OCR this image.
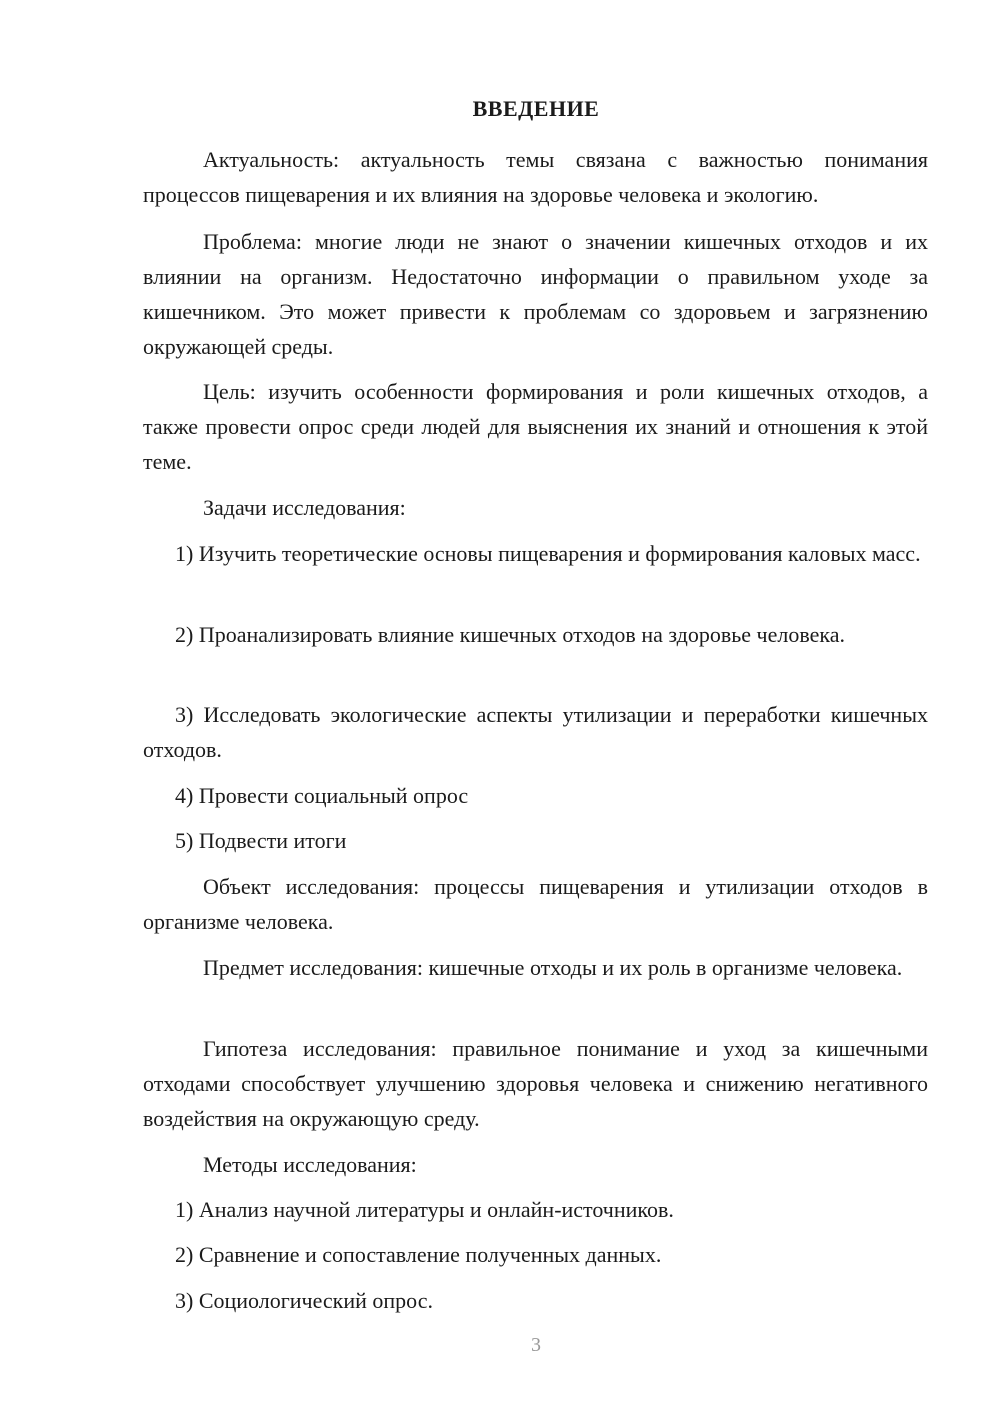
ВВЕДЕНИЕ
Актуальность: актуальность темы связана с важностью понимания процессов пищеварения и их влияния на здоровье человека и экологию.
Проблема: многие люди не знают о значении кишечных отходов и их влиянии на организм. Недостаточно информации о правильном уходе за кишечником. Это может привести к проблемам со здоровьем и загрязнению окружающей среды.
Цель: изучить особенности формирования и роли кишечных отходов, а также провести опрос среди людей для выяснения их знаний и отношения к этой теме.
Задачи исследования:
1) Изучить теоретические основы пищеварения и формирования каловых масс.
2) Проанализировать влияние кишечных отходов на здоровье человека.
3) Исследовать экологические аспекты утилизации и переработки кишечных отходов.
4) Провести социальный опрос
5) Подвести итоги
Объект исследования: процессы пищеварения и утилизации отходов в организме человека.
Предмет исследования: кишечные отходы и их роль в организме человека.
Гипотеза исследования: правильное понимание и уход за кишечными отходами способствует улучшению здоровья человека и снижению негативного воздействия на окружающую среду.
Методы исследования:
1) Анализ научной литературы и онлайн-источников.
2) Сравнение и сопоставление полученных данных.
3) Социологический опрос.
3
